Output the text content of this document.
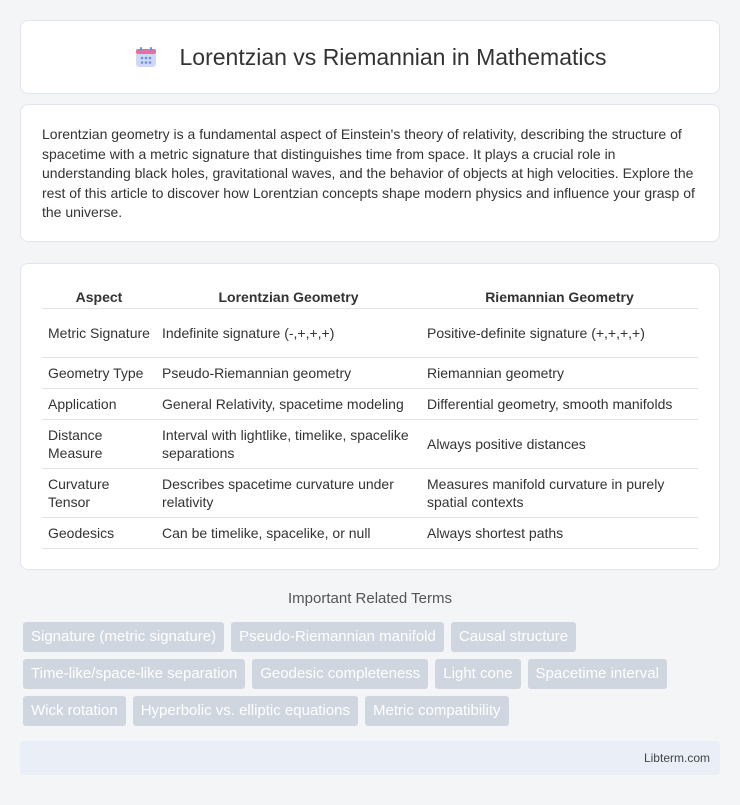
Lorentzian vs Riemannian in Mathematics

Lorentzian geometry is a fundamental aspect of Einstein's theory of relativity, describing the structure of spacetime with a metric signature that distinguishes time from space. It plays a crucial role in understanding black holes, gravitational waves, and the behavior of objects at high velocities. Explore the rest of this article to discover how Lorentzian concepts shape modern physics and influence your grasp of the universe.

Aspect	Lorentzian Geometry	Riemannian Geometry
Metric Signature	Indefinite signature (-,+,+,+)	Positive-definite signature (+,+,+,+)
Geometry Type	Pseudo-Riemannian geometry	Riemannian geometry
Application	General Relativity, spacetime modeling	Differential geometry, smooth manifolds
Distance Measure	Interval with lightlike, timelike, spacelike separations	Always positive distances
Curvature Tensor	Describes spacetime curvature under relativity	Measures manifold curvature in purely spatial contexts
Geodesics	Can be timelike, spacelike, or null	Always shortest paths
Important Related Terms
Signature (metric signature)	Pseudo-Riemannian manifold	Causal structure
Time-like/space-like separation	Geodesic completeness	Light cone	Spacetime interval
Wick rotation	Hyperbolic vs. elliptic equations	Metric compatibility
Libterm.com
